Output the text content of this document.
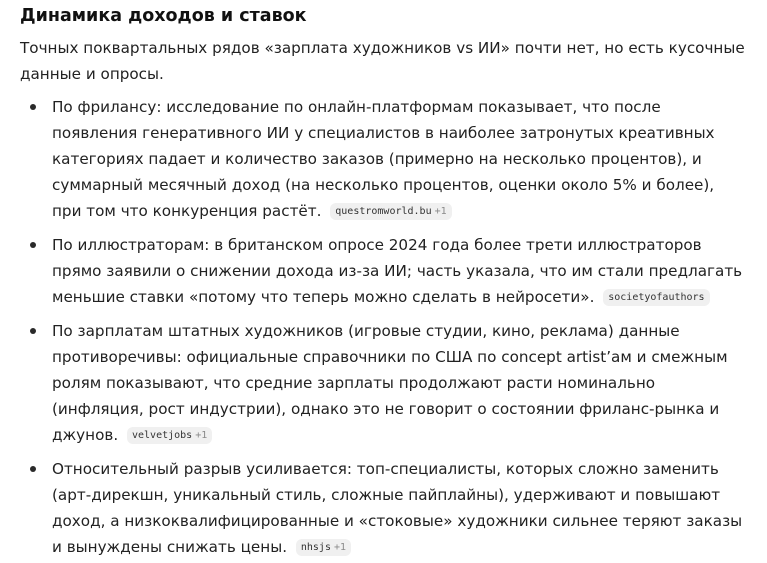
Динамика доходов и ставок

Точных поквартальных рядов «зарплата художников vs ИИ» почти нет, но есть кусочные данные и опросы.

По фрилансу: исследование по онлайн-платформам показывает, что после появления генеративного ИИ у специалистов в наиболее затронутых креативных категориях падает и количество заказов (примерно на несколько процентов), и суммарный месячный доход (на несколько процентов, оценки около 5% и более), при том что конкуренция растёт. questromworld.bu +1
По иллюстраторам: в британском опросе 2024 года более трети иллюстраторов прямо заявили о снижении дохода из-за ИИ; часть указала, что им стали предлагать меньшие ставки «потому что теперь можно сделать в нейросети». societyofauthors
По зарплатам штатных художников (игровые студии, кино, реклама) данные противоречивы: официальные справочники по США по concept artist’ам и смежным ролям показывают, что средние зарплаты продолжают расти номинально (инфляция, рост индустрии), однако это не говорит о состоянии фриланс-рынка и джунов. velvetjobs +1
Относительный разрыв усиливается: топ-специалисты, которых сложно заменить (арт-дирекшн, уникальный стиль, сложные пайплайны), удерживают и повышают доход, а низкоквалифицированные и «стоковые» художники сильнее теряют заказы и вынуждены снижать цены. nhsjs +1
